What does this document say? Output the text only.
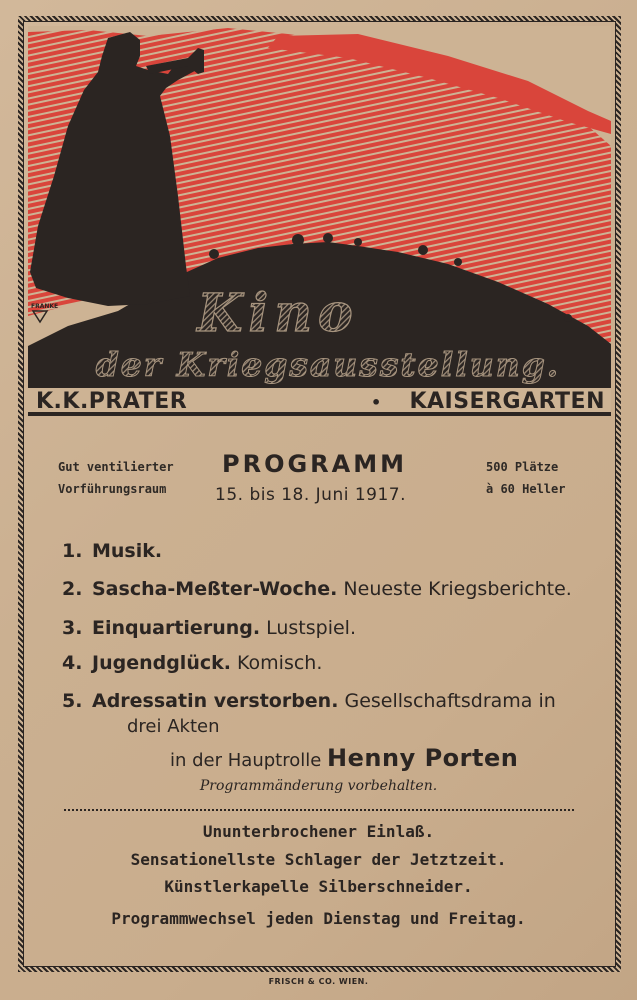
FRANKE	Kino
der Kriegsausstellung.
K.K.PRATER	• KAISERGARTEN
Gut ventilierter
Vorführungsraum
PROGRAMM
15. bis 18. Juni 1917.
500 Plätze
à 60 Heller
1. Musik.
2. Sascha-Meßter-Woche. Neueste Kriegsberichte.
3. Einquartierung. Lustspiel.
4. Jugendglück. Komisch.
5. Adressatin verstorben. Gesellschaftsdrama in
drei Akten
in der Hauptrolle Henny Porten
Programmänderung vorbehalten.
Ununterbrochener Einlaß.
Sensationellste Schlager der Jetztzeit.
Künstlerkapelle Silberschneider.
Programmwechsel jeden Dienstag und Freitag.
FRISCH & CO. WIEN.
